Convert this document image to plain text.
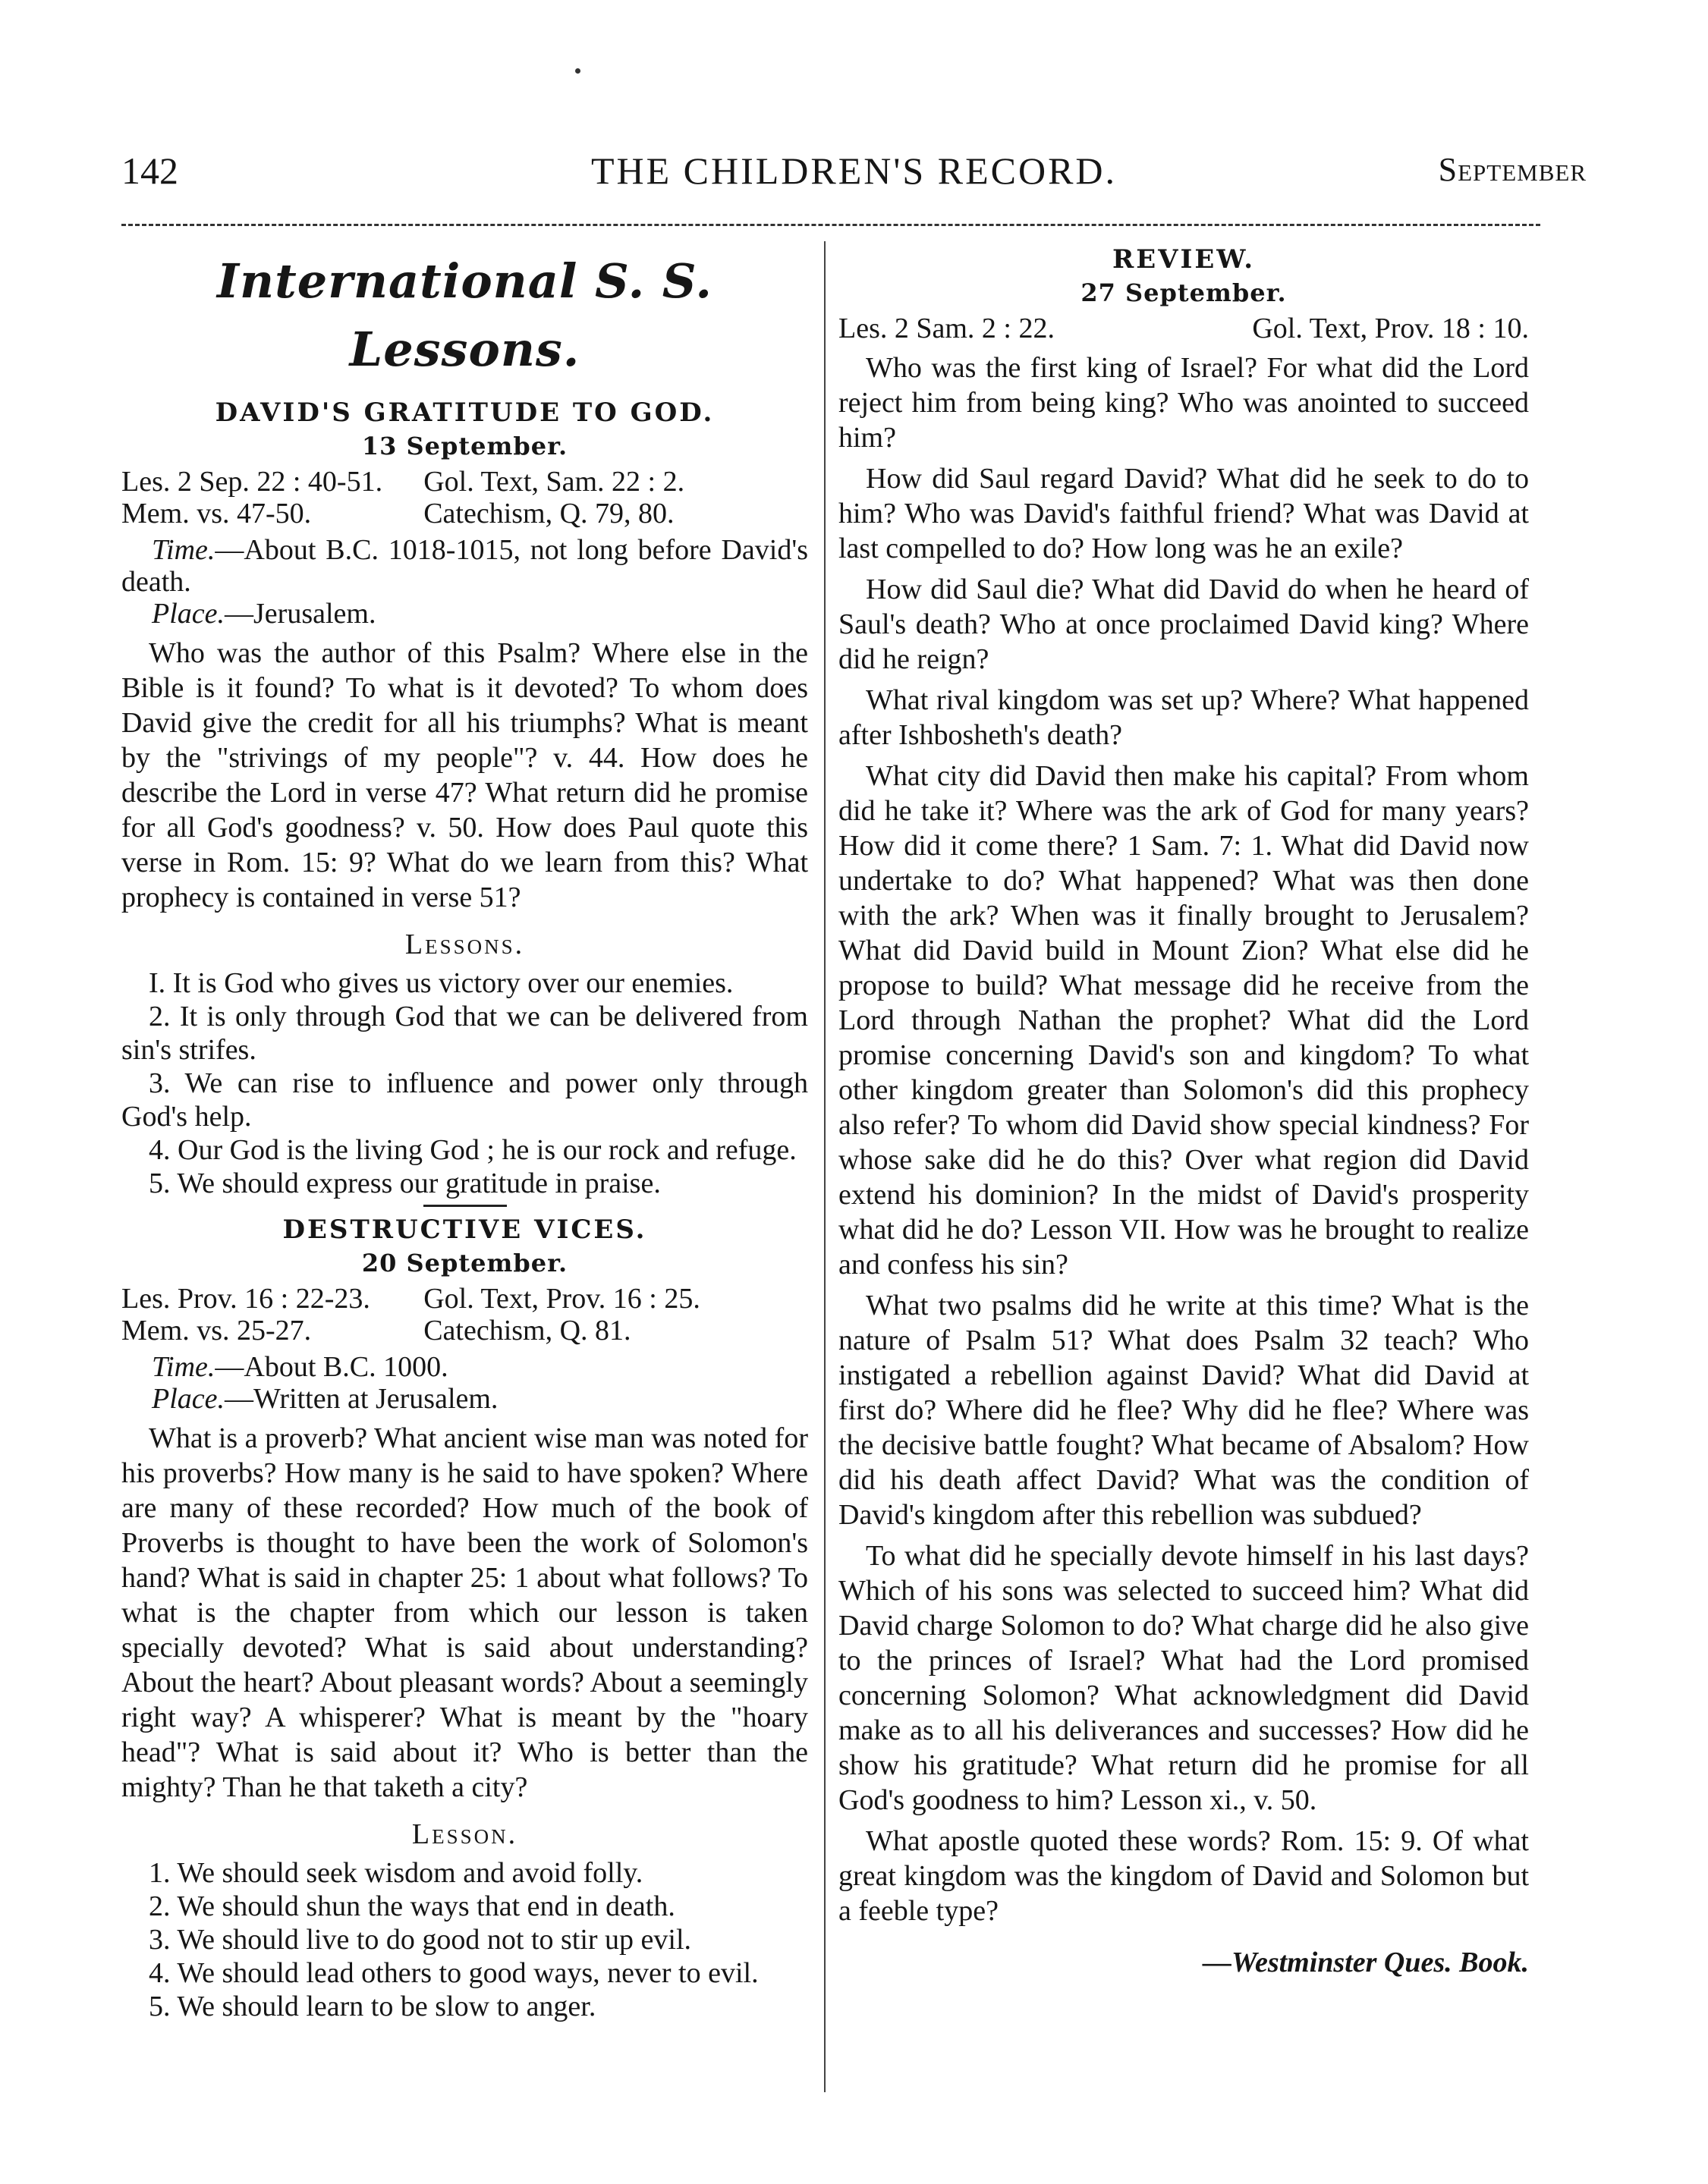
142	THE CHILDREN'S RECORD.	September
International S. S. Lessons.
DAVID'S GRATITUDE TO GOD.
13 September.
Les. 2 Sep. 22 : 40-51.	Gol. Text, Sam. 22 : 2.
Mem. vs. 47-50.	Catechism, Q. 79, 80.
Time.—About B.C. 1018-1015, not long before David's death.
Place.—Jerusalem.

Who was the author of this Psalm? Where else in the Bible is it found? To what is it devoted? To whom does David give the credit for all his triumphs? What is meant by the "strivings of my people"? v. 44. How does he describe the Lord in verse 47? What return did he promise for all God's goodness? v. 50. How does Paul quote this verse in Rom. 15: 9? What do we learn from this? What prophecy is contained in verse 51?

Lessons.
I. It is God who gives us victory over our enemies.
2. It is only through God that we can be delivered from sin's strifes.
3. We can rise to influence and power only through God's help.
4. Our God is the living God ; he is our rock and refuge.
5. We should express our gratitude in praise.
DESTRUCTIVE VICES.
20 September.
Les. Prov. 16 : 22-23.	Gol. Text, Prov. 16 : 25.
Mem. vs. 25-27.	Catechism, Q. 81.
Time.—About B.C. 1000.
Place.—Written at Jerusalem.

What is a proverb? What ancient wise man was noted for his proverbs? How many is he said to have spoken? Where are many of these recorded? How much of the book of Proverbs is thought to have been the work of Solomon's hand? What is said in chapter 25: 1 about what follows? To what is the chapter from which our lesson is taken specially devoted? What is said about understanding? About the heart? About pleasant words? About a seemingly right way? A whisperer? What is meant by the "hoary head"? What is said about it? Who is better than the mighty? Than he that taketh a city?

Lesson.
1. We should seek wisdom and avoid folly.
2. We should shun the ways that end in death.
3. We should live to do good not to stir up evil.
4. We should lead others to good ways, never to evil.
5. We should learn to be slow to anger.
REVIEW.
27 September.
Les. 2 Sam. 2 : 22.	Gol. Text, Prov. 18 : 10.

Who was the first king of Israel? For what did the Lord reject him from being king? Who was anointed to succeed him?

How did Saul regard David? What did he seek to do to him? Who was David's faithful friend? What was David at last compelled to do? How long was he an exile?

How did Saul die? What did David do when he heard of Saul's death? Who at once proclaimed David king? Where did he reign?

What rival kingdom was set up? Where? What happened after Ishbosheth's death?

What city did David then make his capital? From whom did he take it? Where was the ark of God for many years? How did it come there? 1 Sam. 7: 1. What did David now undertake to do? What happened? What was then done with the ark? When was it finally brought to Jerusalem? What did David build in Mount Zion? What else did he propose to build? What message did he receive from the Lord through Nathan the prophet? What did the Lord promise concerning David's son and kingdom? To what other kingdom greater than Solomon's did this prophecy also refer? To whom did David show special kindness? For whose sake did he do this? Over what region did David extend his dominion? In the midst of David's prosperity what did he do? Lesson VII. How was he brought to realize and confess his sin?

What two psalms did he write at this time? What is the nature of Psalm 51? What does Psalm 32 teach? Who instigated a rebellion against David? What did David at first do? Where did he flee? Why did he flee? Where was the decisive battle fought? What became of Absalom? How did his death affect David? What was the condition of David's kingdom after this rebellion was subdued?

To what did he specially devote himself in his last days? Which of his sons was selected to succeed him? What did David charge Solomon to do? What charge did he also give to the princes of Israel? What had the Lord promised concerning Solomon? What acknowledgment did David make as to all his deliverances and successes? How did he show his gratitude? What return did he promise for all God's goodness to him? Lesson xi., v. 50.

What apostle quoted these words? Rom. 15: 9. Of what great kingdom was the kingdom of David and Solomon but a feeble type?

—Westminster Ques. Book.
